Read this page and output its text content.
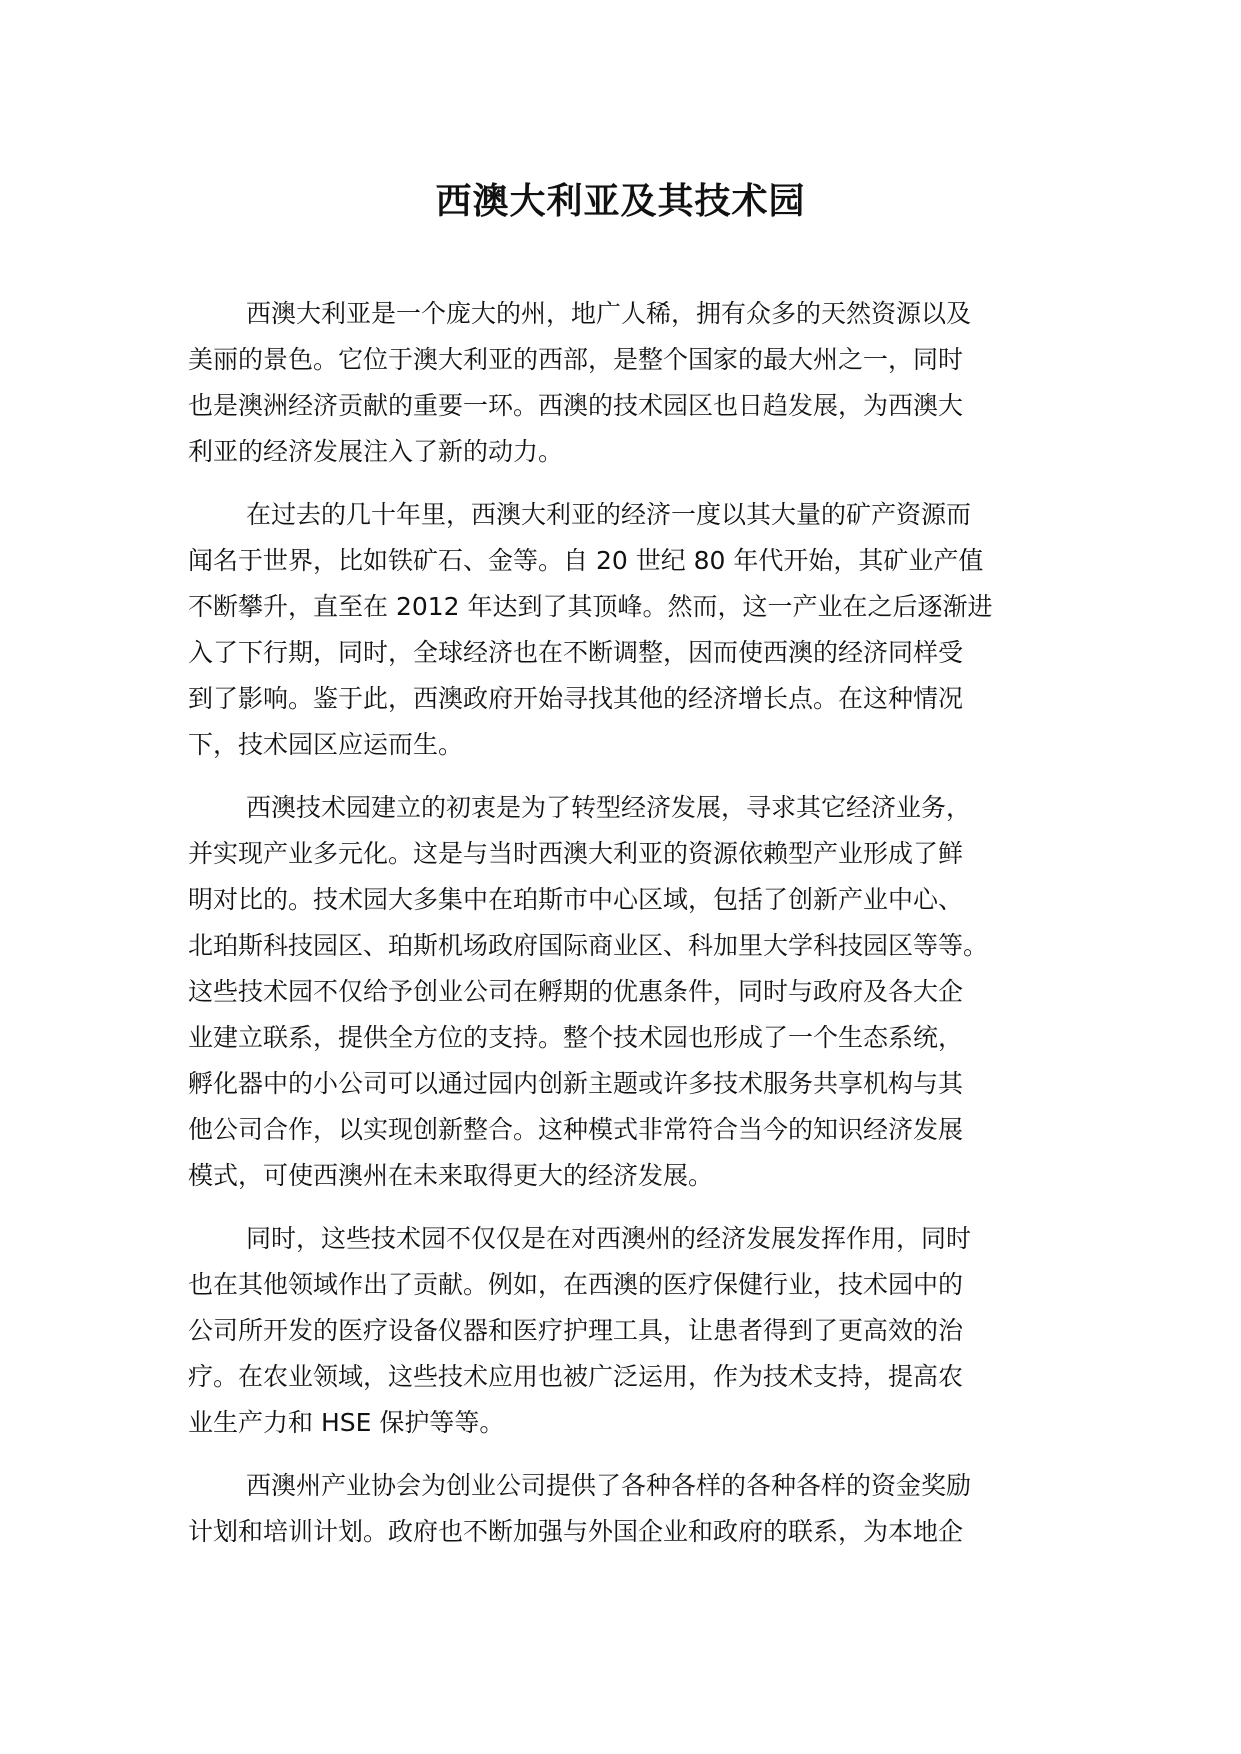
西澳大利亚及其技术园

西澳大利亚是一个庞大的州，地广人稀，拥有众多的天然资源以及
美丽的景色。它位于澳大利亚的西部，是整个国家的最大州之一，同时
也是澳洲经济贡献的重要一环。西澳的技术园区也日趋发展，为西澳大
利亚的经济发展注入了新的动力。

在过去的几十年里，西澳大利亚的经济一度以其大量的矿产资源而
闻名于世界，比如铁矿石、金等。自 20 世纪 80 年代开始，其矿业产值
不断攀升，直至在 2012 年达到了其顶峰。然而，这一产业在之后逐渐进
入了下行期，同时，全球经济也在不断调整，因而使西澳的经济同样受
到了影响。鉴于此，西澳政府开始寻找其他的经济增长点。在这种情况
下，技术园区应运而生。

西澳技术园建立的初衷是为了转型经济发展，寻求其它经济业务，
并实现产业多元化。这是与当时西澳大利亚的资源依赖型产业形成了鲜
明对比的。技术园大多集中在珀斯市中心区域，包括了创新产业中心、
北珀斯科技园区、珀斯机场政府国际商业区、科加里大学科技园区等等。
这些技术园不仅给予创业公司在孵期的优惠条件，同时与政府及各大企
业建立联系，提供全方位的支持。整个技术园也形成了一个生态系统，
孵化器中的小公司可以通过园内创新主题或许多技术服务共享机构与其
他公司合作，以实现创新整合。这种模式非常符合当今的知识经济发展
模式，可使西澳州在未来取得更大的经济发展。

同时，这些技术园不仅仅是在对西澳州的经济发展发挥作用，同时
也在其他领域作出了贡献。例如，在西澳的医疗保健行业，技术园中的
公司所开发的医疗设备仪器和医疗护理工具，让患者得到了更高效的治
疗。在农业领域，这些技术应用也被广泛运用，作为技术支持，提高农
业生产力和 HSE 保护等等。

西澳州产业协会为创业公司提供了各种各样的各种各样的资金奖励
计划和培训计划。政府也不断加强与外国企业和政府的联系，为本地企
